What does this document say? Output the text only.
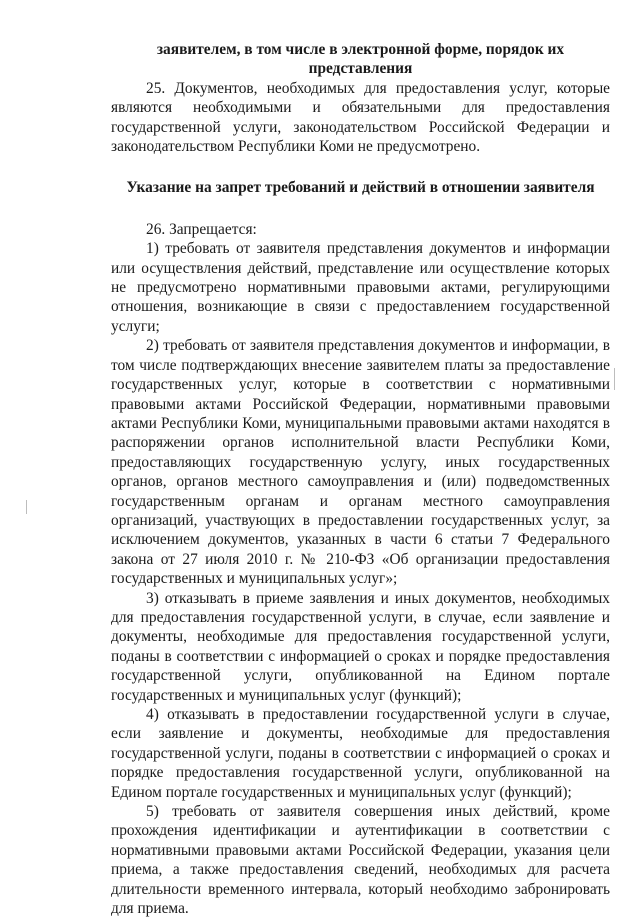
заявителем, в том числе в электронной форме, порядок их представления

25. Документов, необходимых для предоставления услуг, которые являются необходимыми и обязательными для предоставления государственной услуги, законодательством Российской Федерации и законодательством Республики Коми не предусмотрено.

Указание на запрет требований и действий в отношении заявителя

26. Запрещается:

1) требовать от заявителя представления документов и информации или осуществления действий, представление или осуществление которых не предусмотрено нормативными правовыми актами, регулирующими отношения, возникающие в связи с предоставлением государственной услуги;

2) требовать от заявителя представления документов и информации, в том числе подтверждающих внесение заявителем платы за предоставление государственных услуг, которые в соответствии с нормативными правовыми актами Российской Федерации, нормативными правовыми актами Республики Коми, муниципальными правовыми актами находятся в распоряжении органов исполнительной власти Республики Коми, предоставляющих государственную услугу, иных государственных органов, органов местного самоуправления и (или) подведомственных государственным органам и органам местного самоуправления организаций, участвующих в предоставлении государственных услуг, за исключением документов, указанных в части 6 статьи 7 Федерального закона от 27 июля 2010 г. № 210-ФЗ «Об организации предоставления государственных и муниципальных услуг»;

3) отказывать в приеме заявления и иных документов, необходимых для предоставления государственной услуги, в случае, если заявление и документы, необходимые для предоставления государственной услуги, поданы в соответствии с информацией о сроках и порядке предоставления государственной услуги, опубликованной на Едином портале государственных и муниципальных услуг (функций);

4) отказывать в предоставлении государственной услуги в случае, если заявление и документы, необходимые для предоставления государственной услуги, поданы в соответствии с информацией о сроках и порядке предоставления государственной услуги, опубликованной на Едином портале государственных и муниципальных услуг (функций);

5) требовать от заявителя совершения иных действий, кроме прохождения идентификации и аутентификации в соответствии с нормативными правовыми актами Российской Федерации, указания цели приема, а также предоставления сведений, необходимых для расчета длительности временного интервала, который необходимо забронировать для приема.
